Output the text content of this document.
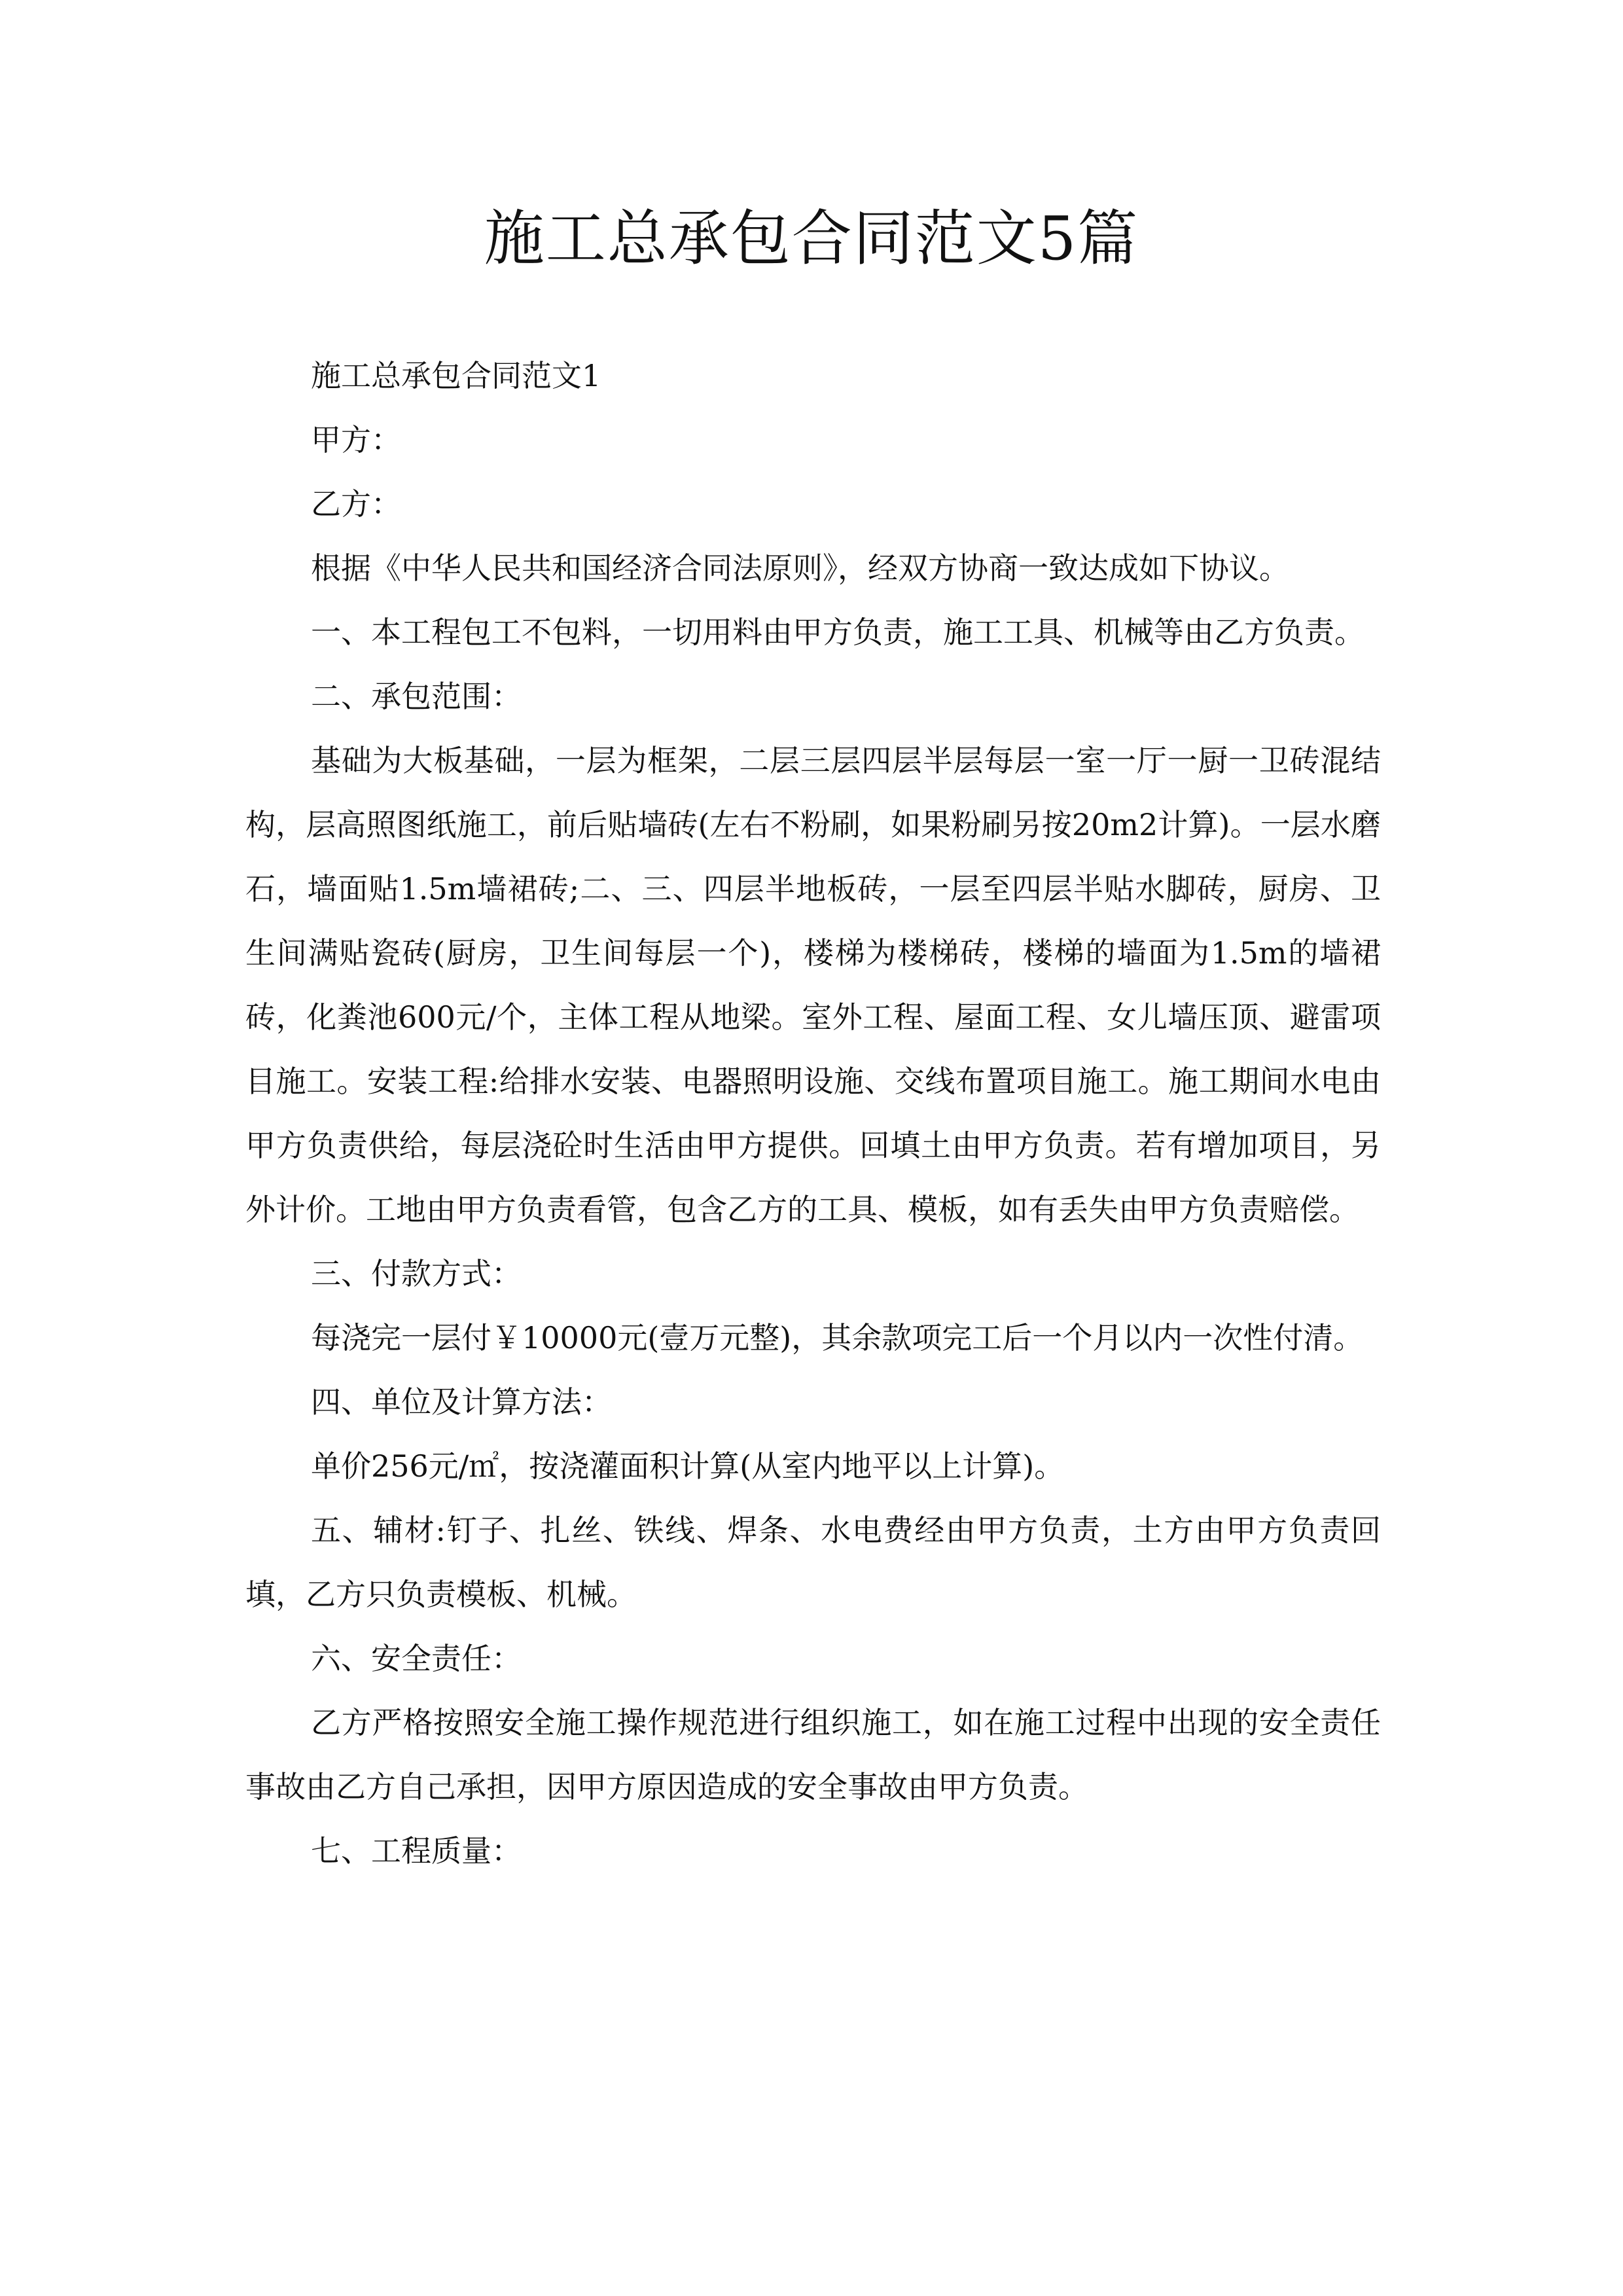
施工总承包合同范文5篇

施工总承包合同范文1

甲方：

乙方：

根据《中华人民共和国经济合同法原则》，经双方协商一致达成如下协议。

一、本工程包工不包料，一切用料由甲方负责，施工工具、机械等由乙方负责。

二、承包范围：

基础为大板基础，一层为框架，二层三层四层半层每层一室一厅一厨一卫砖混结构，层高照图纸施工，前后贴墙砖(左右不粉刷，如果粉刷另按20m2计算)。一层水磨石，墙面贴1.5m墙裙砖;二、三、四层半地板砖，一层至四层半贴水脚砖，厨房、卫生间满贴瓷砖(厨房，卫生间每层一个)，楼梯为楼梯砖，楼梯的墙面为1.5m的墙裙砖，化粪池600元/个，主体工程从地梁。室外工程、屋面工程、女儿墙压顶、避雷项目施工。安装工程:给排水安装、电器照明设施、交线布置项目施工。施工期间水电由甲方负责供给，每层浇砼时生活由甲方提供。回填土由甲方负责。若有增加项目，另外计价。工地由甲方负责看管，包含乙方的工具、模板，如有丢失由甲方负责赔偿。

三、付款方式：

每浇完一层付￥10000元(壹万元整)，其余款项完工后一个月以内一次性付清。

四、单位及计算方法：

单价256元/㎡，按浇灌面积计算(从室内地平以上计算)。

五、辅材:钉子、扎丝、铁线、焊条、水电费经由甲方负责，土方由甲方负责回填，乙方只负责模板、机械。

六、安全责任：

乙方严格按照安全施工操作规范进行组织施工，如在施工过程中出现的安全责任事故由乙方自己承担，因甲方原因造成的安全事故由甲方负责。

七、工程质量：
